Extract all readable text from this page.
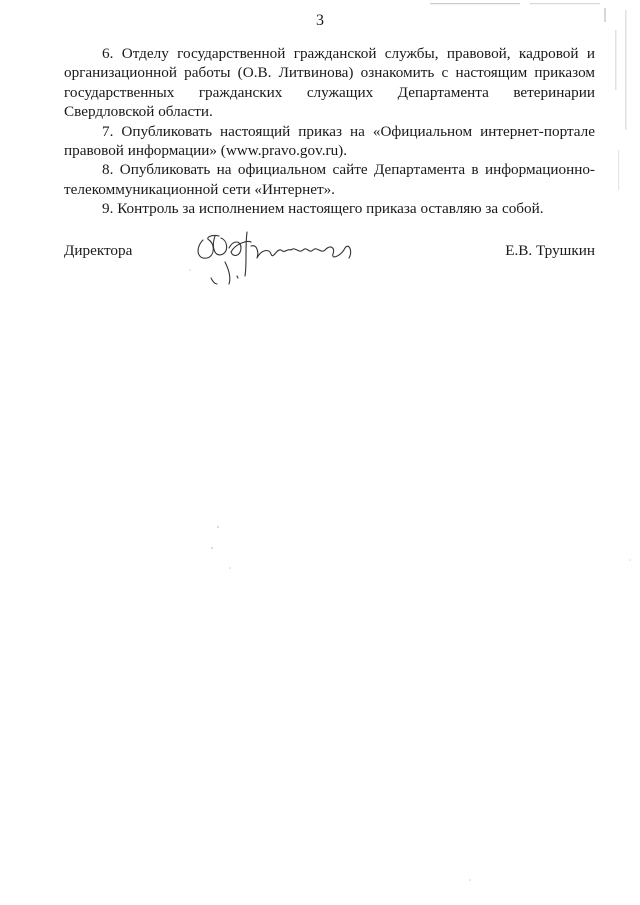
3

6. Отделу государственной гражданской службы, правовой, кадровой и организационной работы (О.В. Литвинова) ознакомить с настоящим приказом государственных гражданских служащих Департамента ветеринарии Свердловской области.

7. Опубликовать настоящий приказ на «Официальном интернет-портале правовой информации» (www.pravo.gov.ru).

8. Опубликовать на официальном сайте Департамента в информационно-телекоммуникационной сети «Интернет».

9. Контроль за исполнением настоящего приказа оставляю за собой.

Директора	Е.В. Трушкин
